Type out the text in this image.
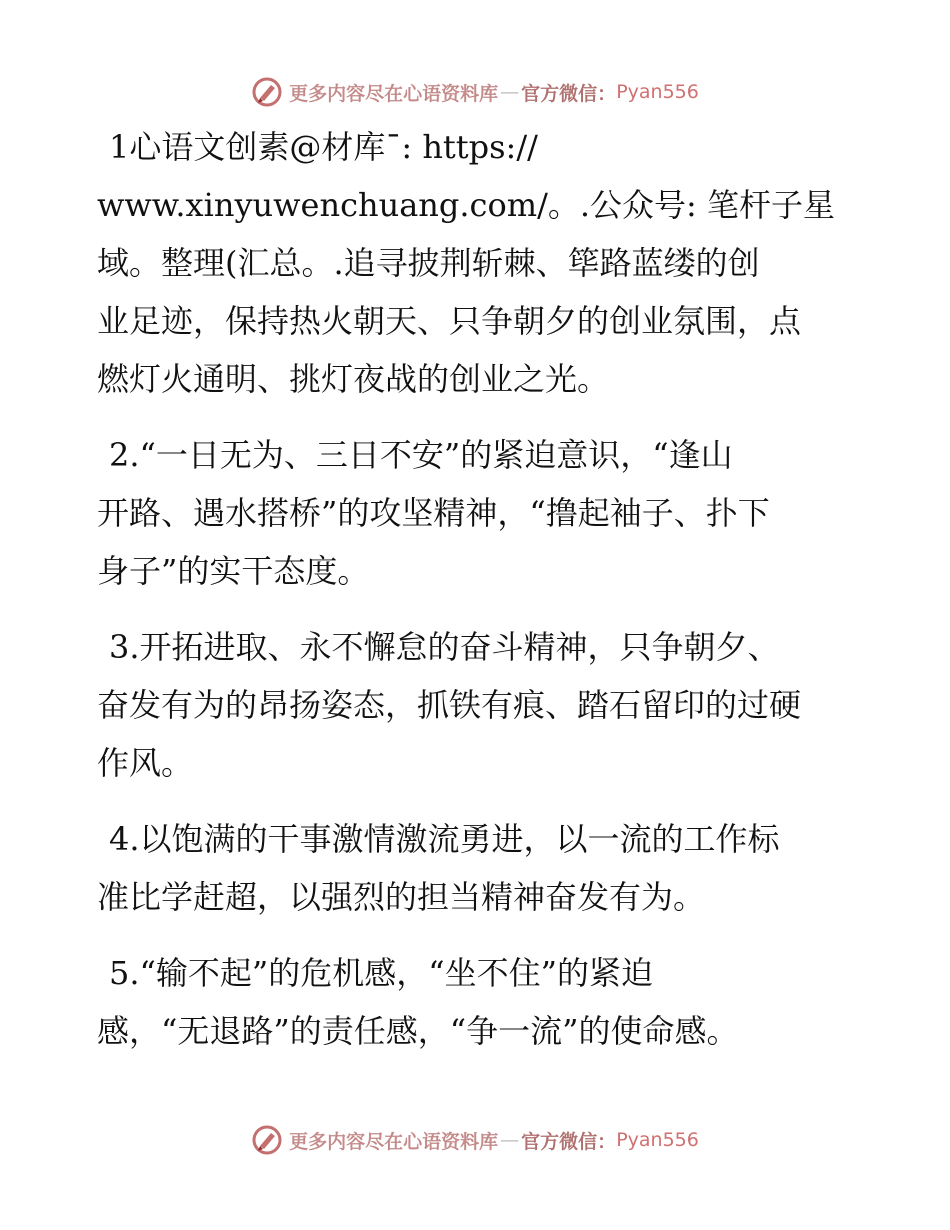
更多内容尽在心语资料库 — 官方微信： Pyan556
1心语文创素@材库¯: https://
www.xinyuwenchuang.com/。.公众号: 笔杆子星
域。整理(汇总。.追寻披荆斩棘、筚路蓝缕的创
业足迹，保持热火朝天、只争朝夕的创业氛围，点
燃灯火通明、挑灯夜战的创业之光。
2.“一日无为、三日不安”的紧迫意识，“逢山
开路、遇水搭桥”的攻坚精神，“撸起袖子、扑下
身子”的实干态度。
3.开拓进取、永不懈怠的奋斗精神，只争朝夕、
奋发有为的昂扬姿态，抓铁有痕、踏石留印的过硬
作风。
4.以饱满的干事激情激流勇进，以一流的工作标
准比学赶超，以强烈的担当精神奋发有为。
5.“输不起”的危机感，“坐不住”的紧迫
感，“无退路”的责任感，“争一流”的使命感。
更多内容尽在心语资料库 — 官方微信： Pyan556
